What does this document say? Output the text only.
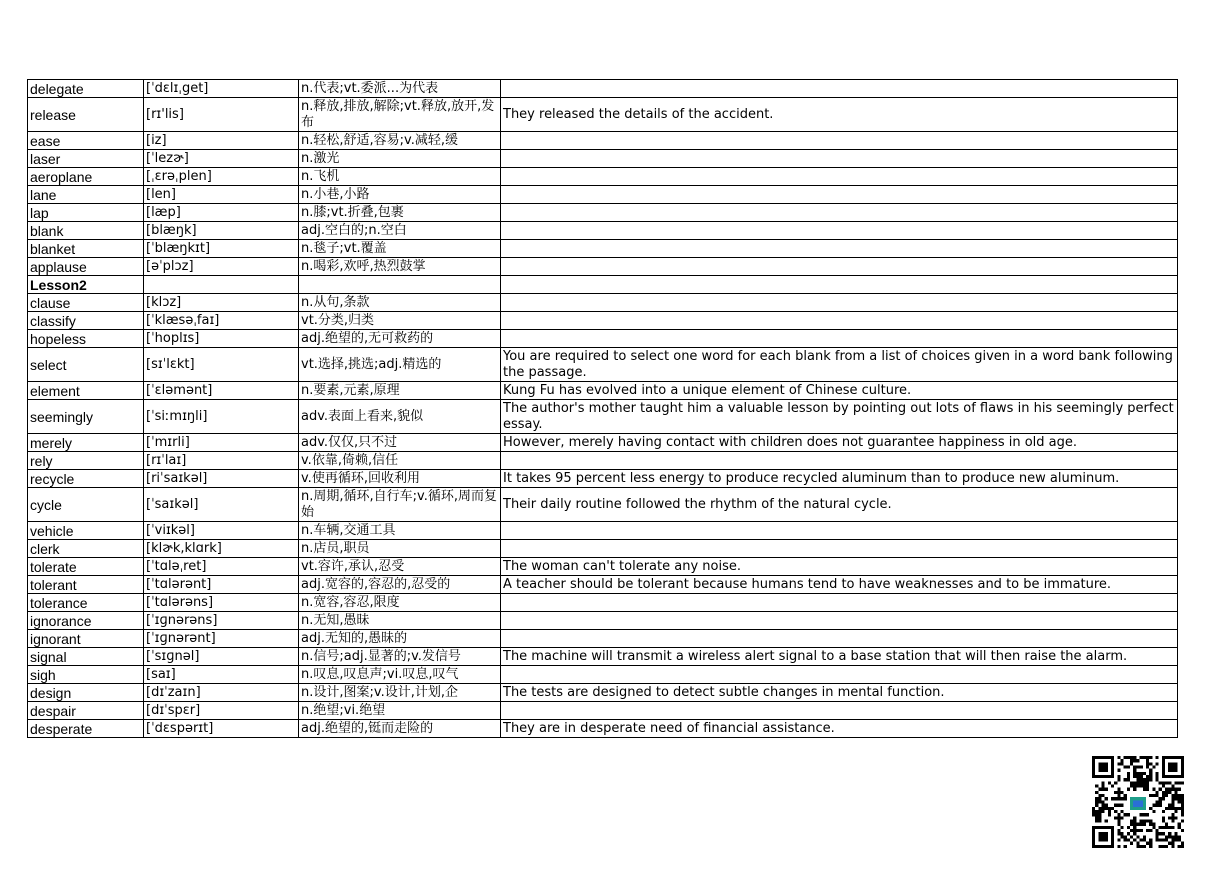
delegate	[ˈdɛlɪˌget]	n.代表;vt.委派...为代表	
release	[rɪ'lis]	n.释放,排放,解除;vt.释放,放开,发布	They released the details of the accident.
ease	[iz]	n.轻松,舒适,容易;v.减轻,缓	
laser	[ˈlezɚ]	n.激光	
aeroplane	[ˌɛrəˌplen]	n.飞机	
lane	[len]	n.小巷,小路	
lap	[læp]	n.膝;vt.折叠,包裹	
blank	[blæŋk]	adj.空白的;n.空白	
blanket	[ˈblæŋkɪt]	n.毯子;vt.覆盖	
applause	[əˈplɔz]	n.喝彩,欢呼,热烈鼓掌	
Lesson2			
clause	[klɔz]	n.从句,条款	
classify	[ˈklæsəˌfaɪ]	vt.分类,归类	
hopeless	[ˈhoplɪs]	adj.绝望的,无可救药的	
select	[sɪˈlɛkt]	vt.选择,挑选;adj.精选的	You are required to select one word for each blank from a list of choices given in a word bank following the passage.
element	[ˈɛləmənt]	n.要素,元素,原理	Kung Fu has evolved into a unique element of Chinese culture.
seemingly	[ˈsiːmɪŋli]	adv.表面上看来,貌似	The author's mother taught him a valuable lesson by pointing out lots of flaws in his seemingly perfect essay.
merely	[ˈmɪrli]	adv.仅仅,只不过	However, merely having contact with children does not guarantee happiness in old age.
rely	[rɪˈlaɪ]	v.依靠,倚赖,信任	
recycle	[riˈsaɪkəl]	v.使再循环,回收利用	It takes 95 percent less energy to produce recycled aluminum than to produce new aluminum.
cycle	[ˈsaɪkəl]	n.周期,循环,自行车;v.循环,周而复始	Their daily routine followed the rhythm of the natural cycle.
vehicle	[ˈviɪkəl]	n.车辆,交通工具	
clerk	[klɚk,klɑrk]	n.店员,职员	
tolerate	[ˈtɑləˌret]	vt.容许,承认,忍受	The woman can't tolerate any noise.
tolerant	[ˈtɑlərənt]	adj.宽容的,容忍的,忍受的	A teacher should be tolerant because humans tend to have weaknesses and to be immature.
tolerance	[ˈtɑlərəns]	n.宽容,容忍,限度	
ignorance	[ˈɪɡnərəns]	n.无知,愚昧	
ignorant	[ˈɪɡnərənt]	adj.无知的,愚昧的	
signal	[ˈsɪɡnəl]	n.信号;adj.显著的;v.发信号	The machine will transmit a wireless alert signal to a base station that will then raise the alarm.
sigh	[saɪ]	n.叹息,叹息声;vi.叹息,叹气	
design	[dɪˈzaɪn]	n.设计,图案;v.设计,计划,企	The tests are designed to detect subtle changes in mental function.
despair	[dɪˈspɛr]	n.绝望;vi.绝望	
desperate	[ˈdɛspərɪt]	adj.绝望的,铤而走险的	They are in desperate need of financial assistance.
